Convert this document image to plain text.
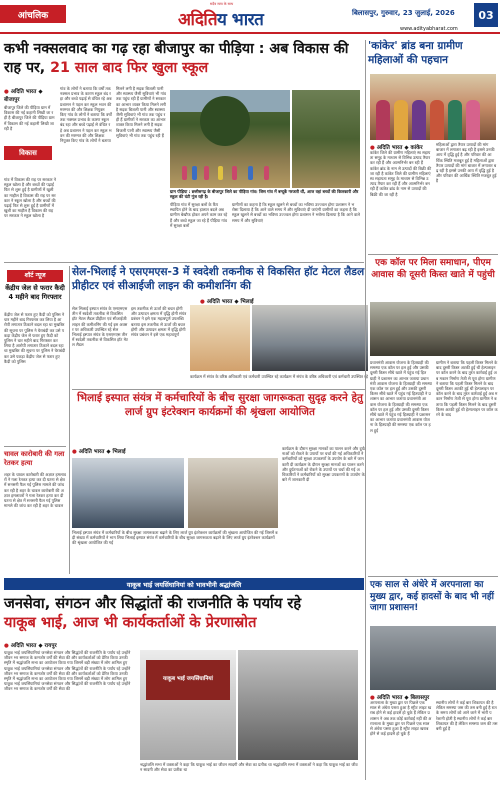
आंचलिक
सदैव सत्य के साथ
अदितिय भारत	बिलासपुर, गुरुवार, 23 जुलाई, 2026	03
www.adityabharat.com
कभी नक्सलवाद का गढ़ रहा बीजापुर का पीड़िया : अब विकास की राह पर, 21 साल बाद फिर खुला स्कूल
● अदिति भारत ◆ बीजापुर
बीजापुर जिले की पीड़िया ग्राम में विकास की नई कहानी लिखी जा रही है बीजापुर जिले की पीड़िया ग्राम में विकास की नई कहानी लिखी जा रही है
गांव में विकास की राह पर सरकार ने स्कूल खोला है और बच्चों की पढ़ाई फिर से शुरू हुई है ग्रामीणों में खुशी का माहौल है विकास की राह पर सरकार ने स्कूल खोला है और बच्चों की पढ़ाई फिर से शुरू हुई है ग्रामीणों में खुशी का माहौल है विकास की राह पर सरकार ने स्कूल खोला है
गांव के लोगों ने बताया कि वर्षों तक नक्सल प्रभाव के कारण स्कूल बंद रहा और बच्चे पढ़ाई से वंचित रहे अब प्रशासन ने पहल कर स्कूल भवन की मरम्मत की और शिक्षक नियुक्त किए गांव के लोगों ने बताया कि वर्षों तक नक्सल प्रभाव के कारण स्कूल बंद रहा और बच्चे पढ़ाई से वंचित रहे अब प्रशासन ने पहल कर स्कूल भवन की मरम्मत की और शिक्षक नियुक्त किए गांव के लोगों ने बताया
मिलने लगी है सड़क बिजली पानी और स्वास्थ्य जैसी सुविधाएं भी गांव तक पहुंच रही हैं ग्रामीणों ने सरकार का आभार व्यक्त किया मिलने लगी है सड़क बिजली पानी और स्वास्थ्य जैसी सुविधाएं भी गांव तक पहुंच रही हैं ग्रामीणों ने सरकार का आभार व्यक्त किया मिलने लगी है सड़क बिजली पानी और स्वास्थ्य जैसी सुविधाएं भी गांव तक पहुंच रही हैं
विकास
ग्राम पीड़िया : छत्तीसगढ़ के बीजापुर जिले का पीड़िया गांव। जिस गांव में बन्दूकें गरजती थीं, आज वहां बच्चों की किलकारी और स्कूल की घंटी गूंज रही है।
ग्रामीणों का कहना है कि स्कूल खुलने से बच्चों का भविष्य उज्ज्वल होगा प्रशासन ने भरोसा दिलाया है कि आने वाले समय में और सुविधाएं दी जाएंगी ग्रामीणों का कहना है कि स्कूल खुलने से बच्चों का भविष्य उज्ज्वल होगा प्रशासन ने भरोसा दिलाया है कि आने वाले समय में और सुविधाएं
पीड़िया गांव में सुरक्षा बलों के कैंप स्थापित होने के बाद हालात बदले अब ग्रामीण बेखौफ होकर अपने काम कर रहे हैं और बच्चे स्कूल जा रहे हैं पीड़िया गांव में सुरक्षा बलों
'कांकेर' ब्रांड बना ग्रामीण महिलाओं की पहचान
● अदिति भारत ◆ कांकेर
कांकेर जिले की ग्रामीण महिलाएं स्व सहायता समूह के माध्यम से विभिन्न उत्पाद तैयार कर रही हैं और आत्मनिर्भर बन रही हैं कांकेर ब्रांड के नाम से उत्पादों की बिक्री की जा रही है कांकेर जिले की ग्रामीण महिलाएं स्व सहायता समूह के माध्यम से विभिन्न उत्पाद तैयार कर रही हैं और आत्मनिर्भर बन रही हैं कांकेर ब्रांड के नाम से उत्पादों की बिक्री की जा रही है
महिलाओं द्वारा तैयार उत्पादों की मांग बाजार में लगातार बढ़ रही है इससे उनकी आय में वृद्धि हुई है और परिवार की आर्थिक स्थिति मजबूत हुई है महिलाओं द्वारा तैयार उत्पादों की मांग बाजार में लगातार बढ़ रही है इससे उनकी आय में वृद्धि हुई है और परिवार की आर्थिक स्थिति मजबूत हुई है
शॉर्ट न्यूज
केंद्रीय जेल से फरार कैदी 4 महीने बाद गिरफ्तार
केंद्रीय जेल से फरार हुए कैदी को पुलिस ने चार महीने बाद गिरफ्तार कर लिया है आरोपी लगातार ठिकाने बदल रहा था मुखबिर की सूचना पर पुलिस ने घेराबंदी कर उसे पकड़ा केंद्रीय जेल से फरार हुए कैदी को पुलिस ने चार महीने बाद गिरफ्तार कर लिया है आरोपी लगातार ठिकाने बदल रहा था मुखबिर की सूचना पर पुलिस ने घेराबंदी कर उसे पकड़ा केंद्रीय जेल से फरार हुए कैदी को पुलिस
चावल कारोबारी की गला रेतकर हत्या
शहर के चावल कारोबारी की अज्ञात हमलावरों ने गला रेतकर हत्या कर दी घटना से क्षेत्र में सनसनी फैल गई पुलिस मामले की जांच कर रही है शहर के चावल कारोबारी की अज्ञात हमलावरों ने गला रेतकर हत्या कर दी घटना से क्षेत्र में सनसनी फैल गई पुलिस मामले की जांच कर रही है शहर के चावल
सेल-भिलाई ने एसएमएस-3 में स्वदेशी तकनीक से विकसित हॉट मेटल लैडल प्रीहीटर एवं सीआईजी लाइन की कमीशनिंग की
● अदिति भारत ◆ भिलाई
सेल भिलाई इस्पात संयंत्र के एसएमएस तीन में स्वदेशी तकनीक से विकसित हॉट मेटल लैडल प्रीहीटर एवं सीआईजी लाइन की कमीशनिंग की गई इस अवसर पर अधिकारी उपस्थित रहे सेल भिलाई इस्पात संयंत्र के एसएमएस तीन में स्वदेशी तकनीक से विकसित हॉट मेटल लैडल
इस तकनीक से ऊर्जा की बचत होगी और उत्पादन क्षमता में वृद्धि होगी संयंत्र प्रबंधन ने इसे एक महत्वपूर्ण उपलब्धि बताया इस तकनीक से ऊर्जा की बचत होगी और उत्पादन क्षमता में वृद्धि होगी संयंत्र प्रबंधन ने इसे एक महत्वपूर्ण
कार्यक्रम में संयंत्र के वरिष्ठ अधिकारी एवं कर्मचारी उपस्थित रहे कार्यक्रम में संयंत्र के वरिष्ठ अधिकारी एवं कर्मचारी उपस्थित रहे
एक कॉल पर मिला समाधान, पीएम आवास की दूसरी किस्त खाते में पहुंची
प्रधानमंत्री आवास योजना के हितग्राही की समस्या एक कॉल पर हल हुई और उसकी दूसरी किस्त सीधे खाते में पहुंच गई हितग्राही ने प्रशासन का आभार जताया प्रधानमंत्री आवास योजना के हितग्राही की समस्या एक कॉल पर हल हुई और उसकी दूसरी किस्त सीधे खाते में पहुंच गई हितग्राही ने प्रशासन का आभार जताया प्रधानमंत्री आवास योजना के हितग्राही की समस्या एक कॉल पर हल हुई और उसकी दूसरी किस्त सीधे खाते में पहुंच गई हितग्राही ने प्रशासन का आभार जताया प्रधानमंत्री आवास योजना के हितग्राही की समस्या एक कॉल पर हल हुई
ग्रामीण ने बताया कि पहली किस्त मिलने के बाद दूसरी किस्त अटकी हुई थी हेल्पलाइन पर कॉल करने के बाद तुरंत कार्रवाई हुई अब मकान निर्माण तेजी से पूरा होगा ग्रामीण ने बताया कि पहली किस्त मिलने के बाद दूसरी किस्त अटकी हुई थी हेल्पलाइन पर कॉल करने के बाद तुरंत कार्रवाई हुई अब मकान निर्माण तेजी से पूरा होगा ग्रामीण ने बताया कि पहली किस्त मिलने के बाद दूसरी किस्त अटकी हुई थी हेल्पलाइन पर कॉल करने के बाद
भिलाई इस्पात संयंत्र में कर्मचारियों के बीच सुरक्षा जागरूकता सुदृढ़ करने हेतु लार्ज ग्रुप इंटरेक्शन कार्यक्रमों की श्रृंखला आयोजित
● अदिति भारत ◆ भिलाई
भिलाई इस्पात संयंत्र में कर्मचारियों के बीच सुरक्षा जागरूकता बढ़ाने के लिए लार्ज ग्रुप इंटरेक्शन कार्यक्रमों की श्रृंखला आयोजित की गई जिसमें बड़ी संख्या में कर्मचारियों ने भाग लिया भिलाई इस्पात संयंत्र में कर्मचारियों के बीच सुरक्षा जागरूकता बढ़ाने के लिए लार्ज ग्रुप इंटरेक्शन कार्यक्रमों की श्रृंखला आयोजित की गई
कार्यक्रम के दौरान सुरक्षा मानकों का पालन करने और दुर्घटनाओं को रोकने के उपायों पर चर्चा की गई अधिकारियों ने कर्मचारियों को सुरक्षा उपकरणों के उपयोग के बारे में जानकारी दी कार्यक्रम के दौरान सुरक्षा मानकों का पालन करने और दुर्घटनाओं को रोकने के उपायों पर चर्चा की गई अधिकारियों ने कर्मचारियों को सुरक्षा उपकरणों के उपयोग के बारे में जानकारी दी
याकूब भाई जयसिंघानियां को भावभीनी श्रद्धांजलि
जनसेवा, संगठन और सिद्धांतों की राजनीति के पर्याय रहे
याकूब भाई, आज भी कार्यकर्ताओं के प्रेरणास्रोत
● अदिति भारत ◆ रायपुर
याकूब भाई जयसिंघानियां जनसेवा संगठन और सिद्धांतों की राजनीति के पर्याय रहे उन्होंने जीवन भर समाज के कमजोर वर्गों की सेवा की और कार्यकर्ताओं को प्रेरित किया उनकी स्मृति में श्रद्धांजलि सभा का आयोजन किया गया जिसमें बड़ी संख्या में लोग शामिल हुए याकूब भाई जयसिंघानियां जनसेवा संगठन और सिद्धांतों की राजनीति के पर्याय रहे उन्होंने जीवन भर समाज के कमजोर वर्गों की सेवा की और कार्यकर्ताओं को प्रेरित किया उनकी स्मृति में श्रद्धांजलि सभा का आयोजन किया गया जिसमें बड़ी संख्या में लोग शामिल हुए याकूब भाई जयसिंघानियां जनसेवा संगठन और सिद्धांतों की राजनीति के पर्याय रहे उन्होंने जीवन भर समाज के कमजोर वर्गों की सेवा की
याकूब भाई जयसिंघानियां
श्रद्धांजलि सभा में वक्ताओं ने कहा कि याकूब भाई का जीवन सादगी और सेवा का प्रतीक था श्रद्धांजलि सभा में वक्ताओं ने कहा कि याकूब भाई का जीवन सादगी और सेवा का प्रतीक था
एक साल से अंधेरे में अरपनाला का मुख्य द्वार, कई हादसों के बाद भी नहीं जागा प्रशासन!
● अदिति भारत ◆ बिलासपुर
अरपनाला के मुख्य द्वार पर पिछले एक साल से अंधेरा पसरा हुआ है स्ट्रीट लाइट खराब होने से कई हादसे हो चुके हैं लेकिन प्रशासन ने अब तक कोई कार्रवाई नहीं की अरपनाला के मुख्य द्वार पर पिछले एक साल से अंधेरा पसरा हुआ है स्ट्रीट लाइट खराब होने से कई हादसे हो चुके हैं
स्थानीय लोगों ने कई बार शिकायत की है लेकिन समस्या जस की तस बनी हुई है रात के समय लोगों को आने जाने में भारी परेशानी होती है स्थानीय लोगों ने कई बार शिकायत की है लेकिन समस्या जस की तस बनी हुई है
